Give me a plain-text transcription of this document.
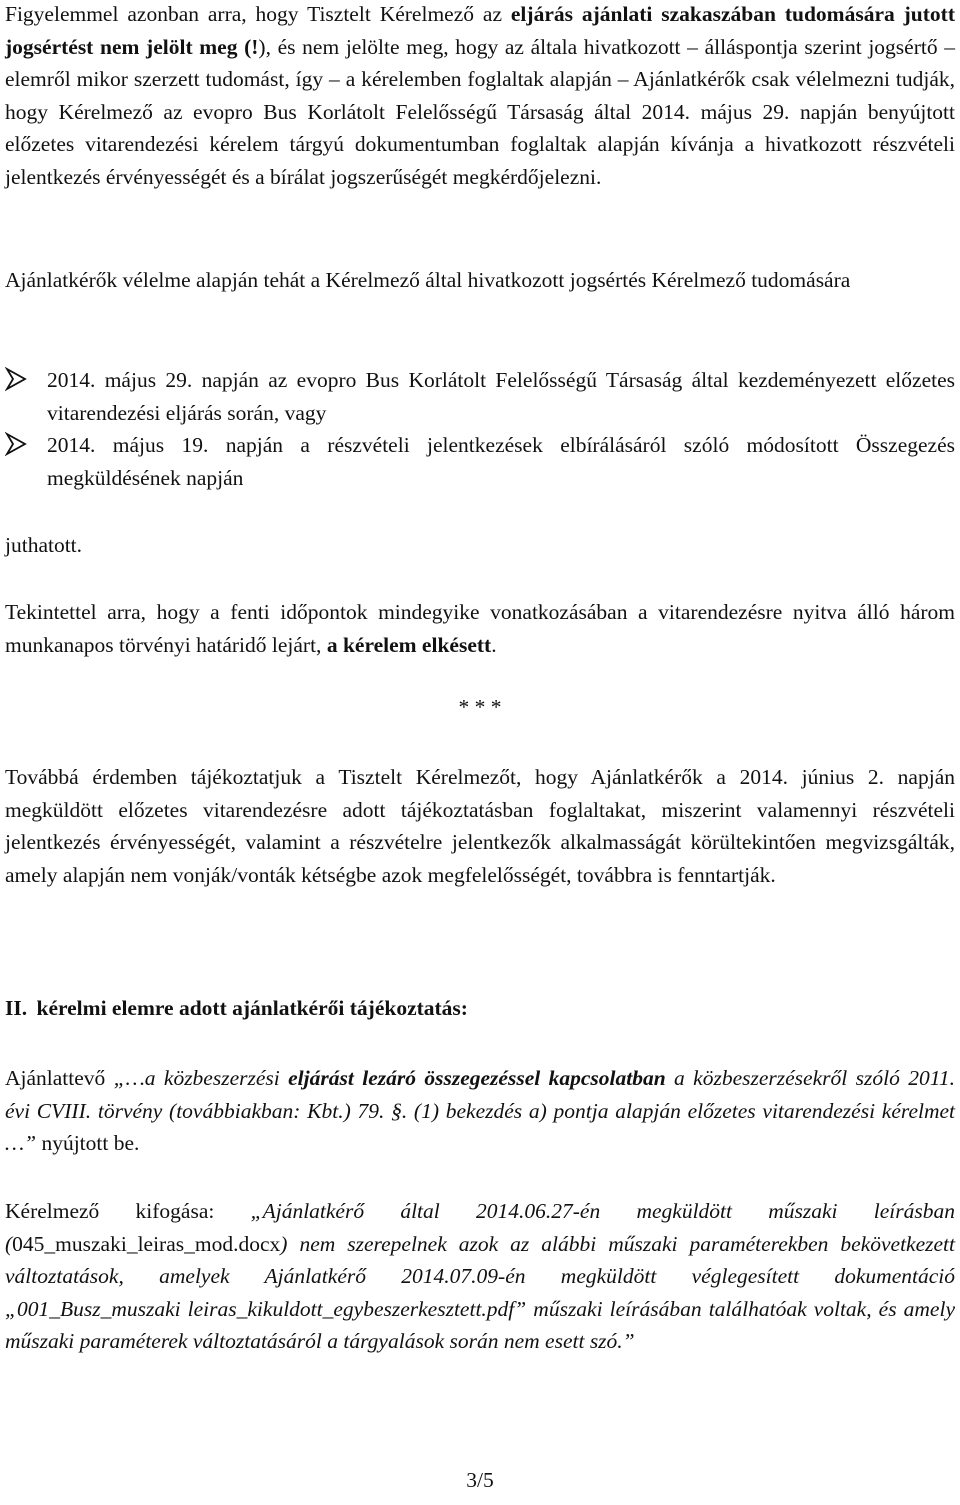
Figyelemmel azonban arra, hogy Tisztelt Kérelmező az eljárás ajánlati szakaszában tudomására jutott jogsértést nem jelölt meg (!), és nem jelölte meg, hogy az általa hivatkozott – álláspontja szerint jogsértő – elemről mikor szerzett tudomást, így – a kérelemben foglaltak alapján – Ajánlatkérők csak vélelmezni tudják, hogy Kérelmező az evopro Bus Korlátolt Felelősségű Társaság által 2014. május 29. napján benyújtott előzetes vitarendezési kérelem tárgyú dokumentumban foglaltak alapján kívánja a hivatkozott részvételi jelentkezés érvényességét és a bírálat jogszerűségét megkérdőjelezni.

Ajánlatkérők vélelme alapján tehát a Kérelmező által hivatkozott jogsértés Kérelmező tudomására

2014. május 29. napján az evopro Bus Korlátolt Felelősségű Társaság által kezdeményezett előzetes vitarendezési eljárás során, vagy

2014. május 19. napján a részvételi jelentkezések elbírálásáról szóló módosított Összegezés megküldésének napján

juthatott.

Tekintettel arra, hogy a fenti időpontok mindegyike vonatkozásában a vitarendezésre nyitva álló három munkanapos törvényi határidő lejárt, a kérelem elkésett.

* * *

Továbbá érdemben tájékoztatjuk a Tisztelt Kérelmezőt, hogy Ajánlatkérők a 2014. június 2. napján megküldött előzetes vitarendezésre adott tájékoztatásban foglaltakat, miszerint valamennyi részvételi jelentkezés érvényességét, valamint a részvételre jelentkezők alkalmasságát körültekintően megvizsgálták, amely alapján nem vonják/vonták kétségbe azok megfelelősségét, továbbra is fenntartják.

II. kérelmi elemre adott ajánlatkérői tájékoztatás:

Ajánlattevő „…a közbeszerzési eljárást lezáró összegezéssel kapcsolatban a közbeszerzésekről szóló 2011. évi CVIII. törvény (továbbiakban: Kbt.) 79. §. (1) bekezdés a) pontja alapján előzetes vitarendezési kérelmet …” nyújtott be.

Kérelmező kifogása: „Ajánlatkérő által 2014.06.27-én megküldött műszaki leírásban (045_muszaki_leiras_mod.docx) nem szerepelnek azok az alábbi műszaki paraméterekben bekövetkezett változtatások, amelyek Ajánlatkérő 2014.07.09-én megküldött véglegesített dokumentáció „001_Busz_muszaki leiras_kikuldott_egybeszerkesztett.pdf” műszaki leírásában találhatóak voltak, és amely műszaki paraméterek változtatásáról a tárgyalások során nem esett szó.”

3/5
